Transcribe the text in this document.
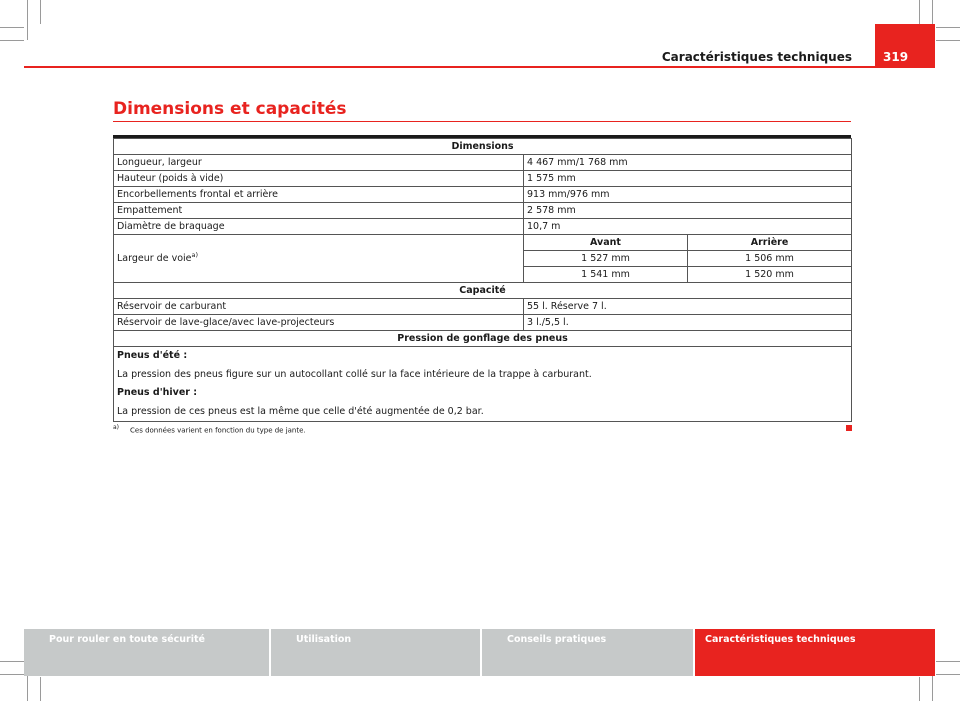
Caractéristiques techniques	319
Dimensions et capacités
Dimensions		
Longueur, largeur	4 467 mm/1 768 mm	
Hauteur (poids à vide)	1 575 mm	
Encorbellements frontal et arrière	913 mm/976 mm	
Empattement	2 578 mm	
Diamètre de braquage	10,7 m	
Largeur de voie$^{a)}$	Avant	Arrière
	1 527 mm	1 506 mm
	1 541 mm	1 520 mm
Capacité		
Réservoir de carburant	55 l. Réserve 7 l.	
Réservoir de lave-glace/avec lave-projecteurs	3 l./5,5 l.	
Pression de gonflage des pneus		

Pneus d'été :
La pression des pneus figure sur un autocollant collé sur la face intérieure de la trappe à carburant.
Pneus d'hiver :
La pression de ces pneus est la même que celle d'été augmentée de 0,2 bar.		
a) Ces données varient en fonction du type de jante.
Pour rouler en toute sécurité	Utilisation	Conseils pratiques	Caractéristiques techniques
